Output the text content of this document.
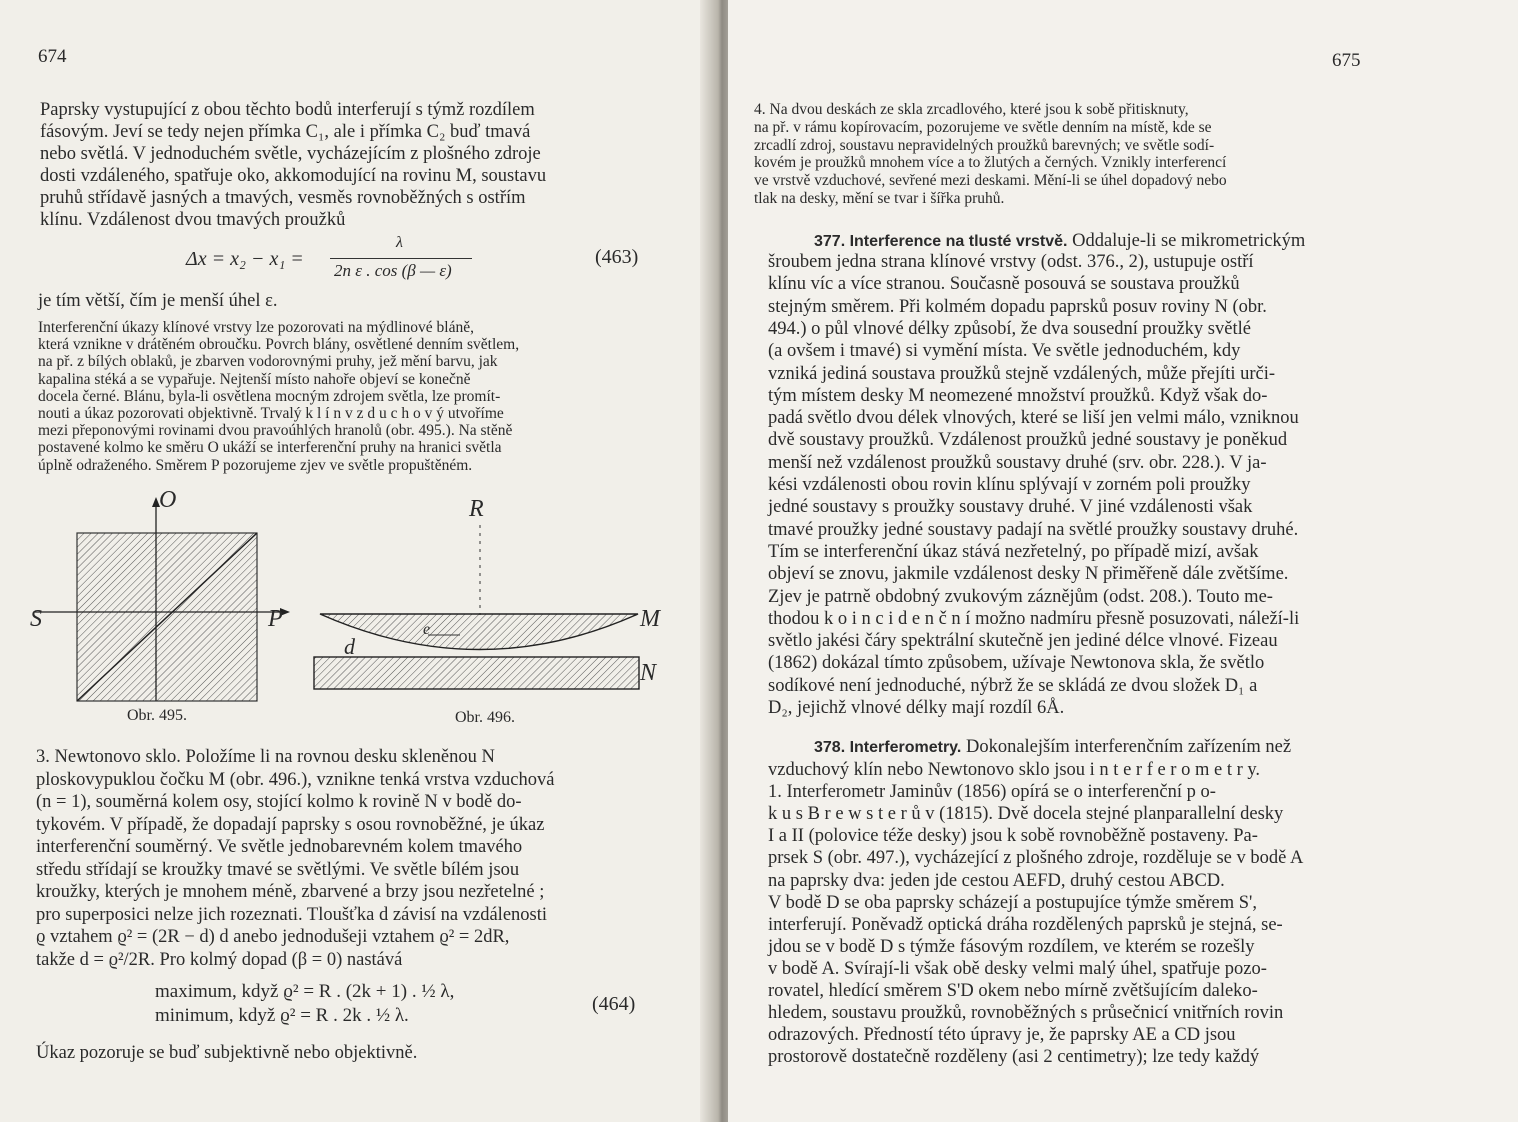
674
Paprsky vystupující z obou těchto bodů interferují s týmž rozdílem
fásovým. Jeví se tedy nejen přímka C₁, ale i přímka C₂ buď tmavá
nebo světlá. V jednoduchém světle, vycházejícím z plošného zdroje
dosti vzdáleného, spatřuje oko, akkomodující na rovinu M, soustavu
pruhů střídavě jasných a tmavých, vesměs rovnoběžných s ostřím
klínu. Vzdálenost dvou tmavých proužků
Δx = x₂ − x₁ =
λ
2n ε . cos (β — ε)
(463)
je tím větší, čím je menší úhel ε.
Interferenční úkazy klínové vrstvy lze pozorovati na mýdlinové bláně,
která vznikne v drátěném obroučku. Povrch blány, osvětlené denním světlem,
na př. z bílých oblaků, je zbarven vodorovnými pruhy, jež mění barvu, jak
kapalina stéká a se vypařuje. Nejtenší místo nahoře objeví se konečně
docela černé. Blánu, byla-li osvětlena mocným zdrojem světla, lze promít-
nouti a úkaz pozorovati objektivně. Trvalý k l í n v z d u c h o v ý utvoříme
mezi přeponovými rovinami dvou pravoúhlých hranolů (obr. 495.). Na stěně
postavené kolmo ke směru O ukáží se interferenční pruhy na hranici světla
úplně odraženého. Směrem P pozorujeme zjev ve světle propuštěném.
O
S	P
Obr. 495.
R
M
N
d
e
Obr. 496.
3. Newtonovo sklo. Položíme li na rovnou desku skleněnou N
ploskovypuklou čočku M (obr. 496.), vznikne tenká vrstva vzduchová
(n = 1), souměrná kolem osy, stojící kolmo k rovině N v bodě do-
tykovém. V případě, že dopadají paprsky s osou rovnoběžné, je úkaz
interferenční souměrný. Ve světle jednobarevném kolem tmavého
středu střídají se kroužky tmavé se světlými. Ve světle bílém jsou
kroužky, kterých je mnohem méně, zbarvené a brzy jsou nezřetelné ;
pro superposici nelze jich rozeznati. Tloušťka d závisí na vzdálenosti
ϱ vztahem ϱ² = (2R − d) d anebo jednodušeji vztahem ϱ² = 2dR,
takže d = ϱ²/2R. Pro kolmý dopad (β = 0) nastává
maximum, když ϱ² = R . (2k + 1) . ½ λ,
minimum, když ϱ² = R . 2k . ½ λ.
(464)
Úkaz pozoruje se buď subjektivně nebo objektivně.
675
4. Na dvou deskách ze skla zrcadlového, které jsou k sobě přitisknuty,
na př. v rámu kopírovacím, pozorujeme ve světle denním na místě, kde se
zrcadlí zdroj, soustavu nepravidelných proužků barevných; ve světle sodí-
kovém je proužků mnohem více a to žlutých a černých. Vznikly interferencí
ve vrstvě vzduchové, sevřené mezi deskami. Mění-li se úhel dopadový nebo
tlak na desky, mění se tvar i šířka pruhů.
377. Interference na tlusté vrstvě. Oddaluje-li se mikrometrickým
šroubem jedna strana klínové vrstvy (odst. 376., 2), ustupuje ostří
klínu víc a více stranou. Současně posouvá se soustava proužků
stejným směrem. Při kolmém dopadu paprsků posuv roviny N (obr.
494.) o půl vlnové délky způsobí, že dva sousední proužky světlé
(a ovšem i tmavé) si vymění místa. Ve světle jednoduchém, kdy
vzniká jediná soustava proužků stejně vzdálených, může přejíti urči-
tým místem desky M neomezené množství proužků. Když však do-
padá světlo dvou délek vlnových, které se liší jen velmi málo, vzniknou
dvě soustavy proužků. Vzdálenost proužků jedné soustavy je poněkud
menší než vzdálenost proužků soustavy druhé (srv. obr. 228.). V ja-
kési vzdálenosti obou rovin klínu splývají v zorném poli proužky
jedné soustavy s proužky soustavy druhé. V jiné vzdálenosti však
tmavé proužky jedné soustavy padají na světlé proužky soustavy druhé.
Tím se interferenční úkaz stává nezřetelný, po případě mizí, avšak
objeví se znovu, jakmile vzdálenost desky N přiměřeně dále zvětšíme.
Zjev je patrně obdobný zvukovým záznějům (odst. 208.). Touto me-
thodou k o i n c i d e n č n í možno nadmíru přesně posuzovati, náleží-li
světlo jakési čáry spektrální skutečně jen jediné délce vlnové. Fizeau
(1862) dokázal tímto způsobem, užívaje Newtonova skla, že světlo
sodíkové není jednoduché, nýbrž že se skládá ze dvou složek D₁ a
D₂, jejichž vlnové délky mají rozdíl 6Å.
378. Interferometry. Dokonalejším interferenčním zařízením než
vzduchový klín nebo Newtonovo sklo jsou i n t e r f e r o m e t r y.
1. Interferometr Jaminův (1856) opírá se o interferenční p o-
k u s B r e w s t e r ů v (1815). Dvě docela stejné planparallelní desky
I a II (polovice téže desky) jsou k sobě rovnoběžně postaveny. Pa-
prsek S (obr. 497.), vycházející z plošného zdroje, rozděluje se v bodě A
na paprsky dva: jeden jde cestou AEFD, druhý cestou ABCD.
V bodě D se oba paprsky scházejí a postupujíce týmže směrem S',
interferují. Poněvadž optická dráha rozdělených paprsků je stejná, se-
jdou se v bodě D s týmže fásovým rozdílem, ve kterém se rozešly
v bodě A. Svírají-li však obě desky velmi malý úhel, spatřuje pozo-
rovatel, hledící směrem S'D okem nebo mírně zvětšujícím daleko-
hledem, soustavu proužků, rovnoběžných s průsečnicí vnitřních rovin
odrazových. Předností této úpravy je, že paprsky AE a CD jsou
prostorově dostatečně rozděleny (asi 2 centimetry); lze tedy každý
